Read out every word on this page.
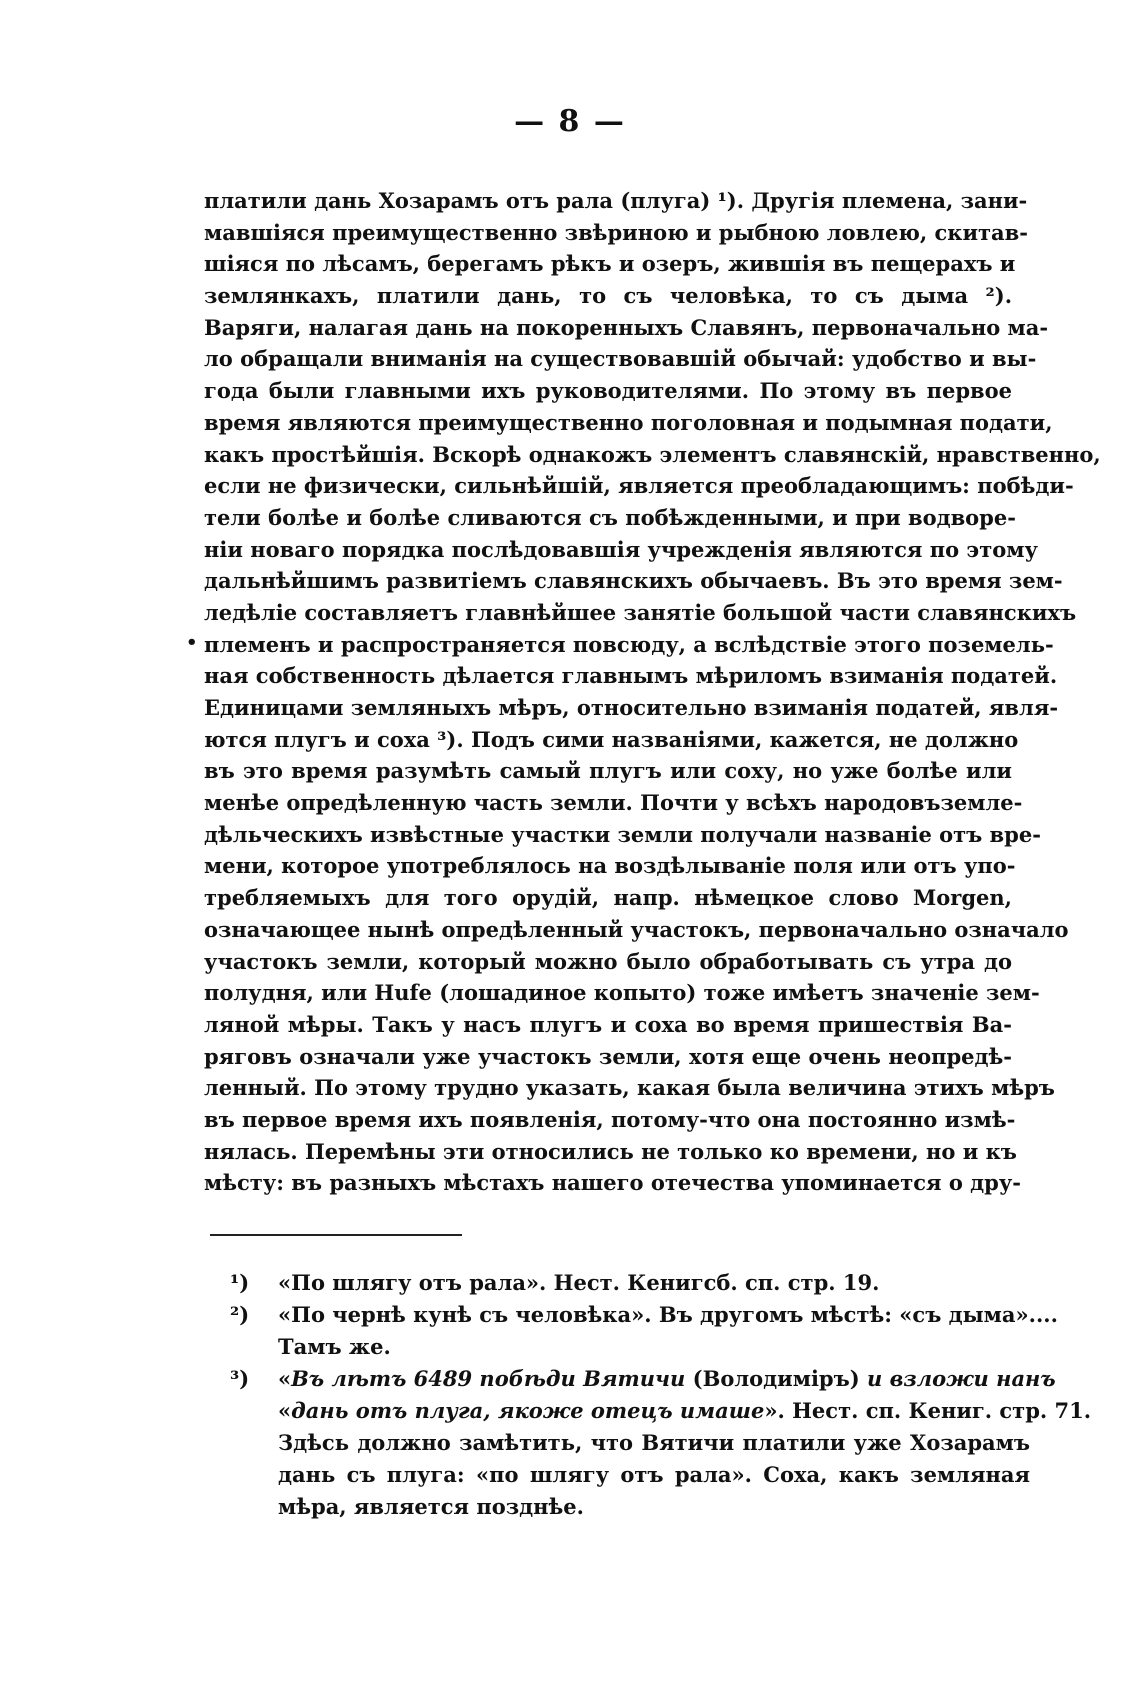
— 8 —
•
платили дань Хозарамъ отъ рала (плуга) ¹). Другія племена, зани-
мавшіяся преимущественно звѣриною и рыбною ловлею, скитав-
шіяся по лѣсамъ, берегамъ рѣкъ и озеръ, жившія въ пещерахъ и
землянкахъ, платили дань, то съ человѣка, то съ дыма ²).
Варяги, налагая дань на покоренныхъ Славянъ, первоначально ма-
ло обращали вниманія на существовавшій обычай: удобство и вы-
года были главными ихъ руководителями. По этому въ первое
время являются преимущественно поголовная и подымная подати,
какъ простѣйшія. Вскорѣ однакожъ элементъ славянскій, нравственно,
если не физически, сильнѣйшій, является преобладающимъ: побѣди-
тели болѣе и болѣе сливаются съ побѣжденными, и при водворе-
ніи новаго порядка послѣдовавшія учрежденія являются по этому
дальнѣйшимъ развитіемъ славянскихъ обычаевъ. Въ это время зем-
ледѣліе составляетъ главнѣйшее занятіе большой части славянскихъ
племенъ и распространяется повсюду, а вслѣдствіе этого поземель-
ная собственность дѣлается главнымъ мѣриломъ взиманія податей.
Единицами земляныхъ мѣръ, относительно взиманія податей, явля-
ются плугъ и соха ³). Подъ сими названіями, кажется, не должно
въ это время разумѣть самый плугъ или соху, но уже болѣе или
менѣе опредѣленную часть земли. Почти у всѣхъ народовъземле-
дѣльческихъ извѣстные участки земли получали названіе отъ вре-
мени, которое употреблялось на воздѣлываніе поля или отъ упо-
требляемыхъ для того орудій, напр. нѣмецкое слово Morgen,
означающее нынѣ опредѣленный участокъ, первоначально означало
участокъ земли, который можно было обработывать съ утра до
полудня, или Hufe (лошадиное копыто) тоже имѣетъ значеніе зем-
ляной мѣры. Такъ у насъ плугъ и соха во время пришествія Ва-
ряговъ означали уже участокъ земли, хотя еще очень неопредѣ-
ленный. По этому трудно указать, какая была величина этихъ мѣръ
въ первое время ихъ появленія, потому-что она постоянно измѣ-
нялась. Перемѣны эти относились не только ко времени, но и къ
мѣсту: въ разныхъ мѣстахъ нашего отечества упоминается о дру-
¹) «По шлягу отъ рала». Нест. Кенигсб. сп. стр. 19.
²) «По чернѣ кунѣ съ человѣка». Въ другомъ мѣстѣ: «съ дыма»....
Тамъ же.
³) «Въ лѣтъ 6489 побѣди Вятичи (Володиміръ) и взложи нанъ
«дань отъ плуга, якоже отецъ имаше». Нест. сп. Кениг. стр. 71.
Здѣсь должно замѣтить, что Вятичи платили уже Хозарамъ
дань съ плуга: «по шлягу отъ рала». Соха, какъ земляная
мѣра, является позднѣе.
